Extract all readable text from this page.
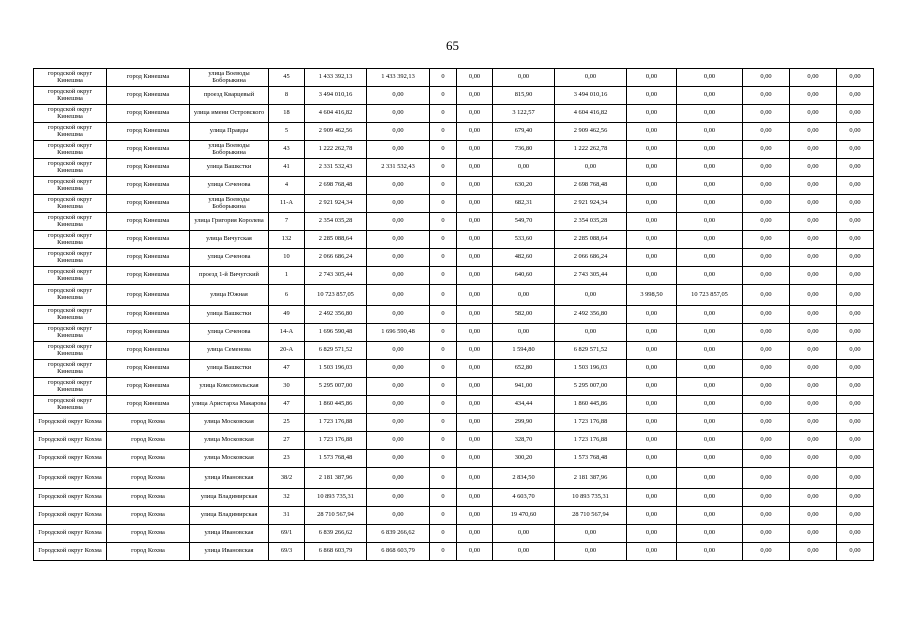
65
городской округ Кинешма	город Кинешма	улица Воеводы Боборыкина	45	1 433 392,13	1 433 392,13	0	0,00	0,00	0,00	0,00	0,00	0,00	0,00	0,00
городской округ Кинешма	город Кинешма	проезд Кварцевый	8	3 494 010,16	0,00	0	0,00	815,90	3 494 010,16	0,00	0,00	0,00	0,00	0,00
городской округ Кинешма	город Кинешма	улица имени Островского	18	4 604 416,82	0,00	0	0,00	3 122,57	4 604 416,82	0,00	0,00	0,00	0,00	0,00
городской округ Кинешма	город Кинешма	улица Правды	5	2 909 462,56	0,00	0	0,00	679,40	2 909 462,56	0,00	0,00	0,00	0,00	0,00
городской округ Кинешма	город Кинешма	улица Воеводы Боборыкина	43	1 222 262,78	0,00	0	0,00	736,80	1 222 262,78	0,00	0,00	0,00	0,00	0,00
городской округ Кинешма	город Кинешма	улица Вашкстки	41	2 331 532,43	2 331 532,43	0	0,00	0,00	0,00	0,00	0,00	0,00	0,00	0,00
городской округ Кинешма	город Кинешма	улица Сеченова	4	2 698 768,48	0,00	0	0,00	630,20	2 698 768,48	0,00	0,00	0,00	0,00	0,00
городской округ Кинешма	город Кинешма	улица Воеводы Боборыкина	11-А	2 921 924,34	0,00	0	0,00	682,31	2 921 924,34	0,00	0,00	0,00	0,00	0,00
городской округ Кинешма	город Кинешма	улица Григория Королева	7	2 354 035,28	0,00	0	0,00	549,70	2 354 035,28	0,00	0,00	0,00	0,00	0,00
городской округ Кинешма	город Кинешма	улица Вичугская	132	2 285 088,64	0,00	0	0,00	533,60	2 285 088,64	0,00	0,00	0,00	0,00	0,00
городской округ Кинешма	город Кинешма	улица Сеченова	10	2 066 686,24	0,00	0	0,00	482,60	2 066 686,24	0,00	0,00	0,00	0,00	0,00
городской округ Кинешма	город Кинешма	проезд 1-й Вичугский	1	2 743 305,44	0,00	0	0,00	640,60	2 743 305,44	0,00	0,00	0,00	0,00	0,00
городской округ Кинешма	город Кинешма	улица Южная	6	10 723 857,05	0,00	0	0,00	0,00	0,00	3 998,50	10 723 857,05	0,00	0,00	0,00
городской округ Кинешма	город Кинешма	улица Вашкстки	49	2 492 356,80	0,00	0	0,00	582,00	2 492 356,80	0,00	0,00	0,00	0,00	0,00
городской округ Кинешма	город Кинешма	улица Сеченова	14-А	1 696 590,48	1 696 590,48	0	0,00	0,00	0,00	0,00	0,00	0,00	0,00	0,00
городской округ Кинешма	город Кинешма	улица Семенова	20-А	6 829 571,52	0,00	0	0,00	1 594,80	6 829 571,52	0,00	0,00	0,00	0,00	0,00
городской округ Кинешма	город Кинешма	улица Вашкстки	47	1 503 196,03	0,00	0	0,00	652,80	1 503 196,03	0,00	0,00	0,00	0,00	0,00
городской округ Кинешма	город Кинешма	улица Комсомольская	30	5 295 007,00	0,00	0	0,00	941,00	5 295 007,00	0,00	0,00	0,00	0,00	0,00
городской округ Кинешма	город Кинешма	улица Аристарха Макарова	47	1 860 445,86	0,00	0	0,00	434,44	1 860 445,86	0,00	0,00	0,00	0,00	0,00
Городской округ Кохма	город Кохма	улица Московская	25	1 723 176,88	0,00	0	0,00	299,90	1 723 176,88	0,00	0,00	0,00	0,00	0,00
Городской округ Кохма	город Кохма	улица Московская	27	1 723 176,88	0,00	0	0,00	328,70	1 723 176,88	0,00	0,00	0,00	0,00	0,00
Городской округ Кохма	город Кохма	улица Московская	23	1 573 768,48	0,00	0	0,00	300,20	1 573 768,48	0,00	0,00	0,00	0,00	0,00
Городской округ Кохма	город Кохма	улица Ивановская	38/2	2 181 387,96	0,00	0	0,00	2 834,50	2 181 387,96	0,00	0,00	0,00	0,00	0,00
Городской округ Кохма	город Кохма	улица Владимирская	32	10 893 735,31	0,00	0	0,00	4 603,70	10 893 735,31	0,00	0,00	0,00	0,00	0,00
Городской округ Кохма	город Кохма	улица Владимирская	31	28 710 567,94	0,00	0	0,00	19 470,60	28 710 567,94	0,00	0,00	0,00	0,00	0,00
Городской округ Кохма	город Кохма	улица Ивановская	69/1	6 839 266,62	6 839 266,62	0	0,00	0,00	0,00	0,00	0,00	0,00	0,00	0,00
Городской округ Кохма	город Кохма	улица Ивановская	69/3	6 868 603,79	6 868 603,79	0	0,00	0,00	0,00	0,00	0,00	0,00	0,00	0,00
